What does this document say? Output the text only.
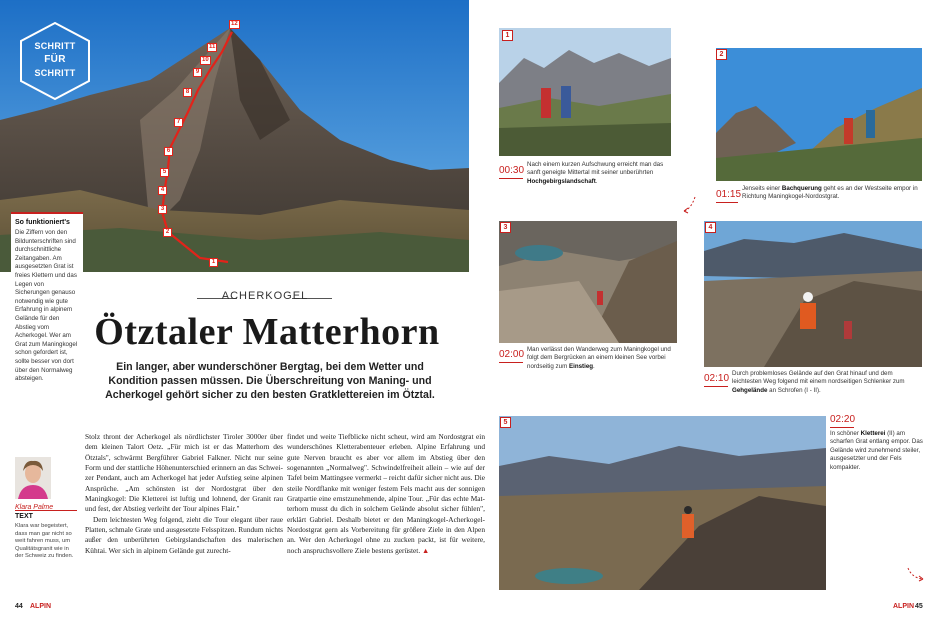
12
11
10
9
8
7
6
5
4
3
2
1
SCHRITT
FÜR
SCHRITT
So funktioniert's
Die Ziffern von den Bildunterschriften sind durchschnittliche Zeitangaben. Am ausgesetzten Grat ist freies Klettern und das Legen von Sicherungen genauso notwendig wie gute Erfahrung in alpinem Gelände für den Abstieg vom Acherkogel. Wer am Grat zum Maningkogel schon gefordert ist, sollte besser von dort über den Normalweg absteigen.
ACHERKOGEL
Ötztaler Matterhorn
Ein langer, aber wunderschöner Bergtag, bei dem Wetter und Kondition passen müssen. Die Überschreitung von Maning- und Acherkogel gehört sicher zu den besten Gratklettereien im Ötztal.

Stolz thront der Acherkogel als nördlichster Tiroler 3000er über dem kleinen Talort Oetz. „Für mich ist er das Matterhorn des Ötztals", schwärmt Bergführer Gabriel Falkner. Nicht nur seine Form und der stattliche Höhenunterschied erinnern an das Schweizer Pendant, auch am Acherkogel hat jeder Aufstieg seine alpinen Ansprüche. „Am schönsten ist der Nordostgrat über den Maningkogel: Die Kletterei ist luftig und lohnend, der Granit rau und fest, der Abstieg verleiht der Tour alpines Flair."

Dem leichtesten Weg folgend, zieht die Tour elegant über raue Platten, schmale Grate und ausgesetzte Felsspitzen. Rundum nichts außer den unberührten Gebirgslandschaften des malerischen Kühtai. Wer sich in alpinem Gelände gut zurecht-

findet und weite Tiefblicke nicht scheut, wird am Nordostgrat ein wunderschönes Kletterabenteuer erleben. Alpine Erfahrung und gute Nerven braucht es aber vor allem im Abstieg über den sogenannten „Normalweg". Schwindelfreiheit allein – wie auf der Tafel beim Mattingsee vermerkt – reicht dafür sicher nicht aus. Die steile Nordflanke mit weniger festem Fels macht aus der sonnigen Gratpartie eine ernstzunehmende, alpine Tour. „Für das echte Matterhorn musst du dich in solchem Gelände absolut sicher fühlen", erklärt Gabriel. Deshalb bietet er den Maningkogel-Acherkogel-Nordostgrat gern als Vorbereitung für größere Ziele in den Alpen an. Wer den Acherkogel ohne zu zucken packt, ist für weitere, noch anspruchsvollere Ziele bestens gerüstet. ▲

Klara Palme
TEXT
Klara war begeistert, dass man gar nicht so weit fahren muss, um Qualitätsgranit wie in der Schweiz zu finden.
44 ALPIN	ALPIN 45
1
00:30
Nach einem kurzen Aufschwung erreicht man das sanft geneigte Mittertal mit seiner unberührten Hochgebirgslandschaft.
2
01:15
Jenseits einer Bachquerung geht es an der Westseite empor in Richtung Maningkogel-Nordostgrat.
3
02:00 Man verlässt den Wanderweg zum Maningkogel und folgt dem Bergrücken an einem kleinen See vorbei nordseitig zum Einstieg.
4
02:10 Durch problemloses Gelände auf den Grat hinauf und dem leichtesten Weg folgend mit einem nordseitigen Schlenker zum Gehgelände an Schrofen (I - II).
5	02:20
In schöner Kletterei (II) am scharfen Grat entlang empor. Das Gelände wird zunehmend steiler, ausgesetzter und der Fels kompakter.
